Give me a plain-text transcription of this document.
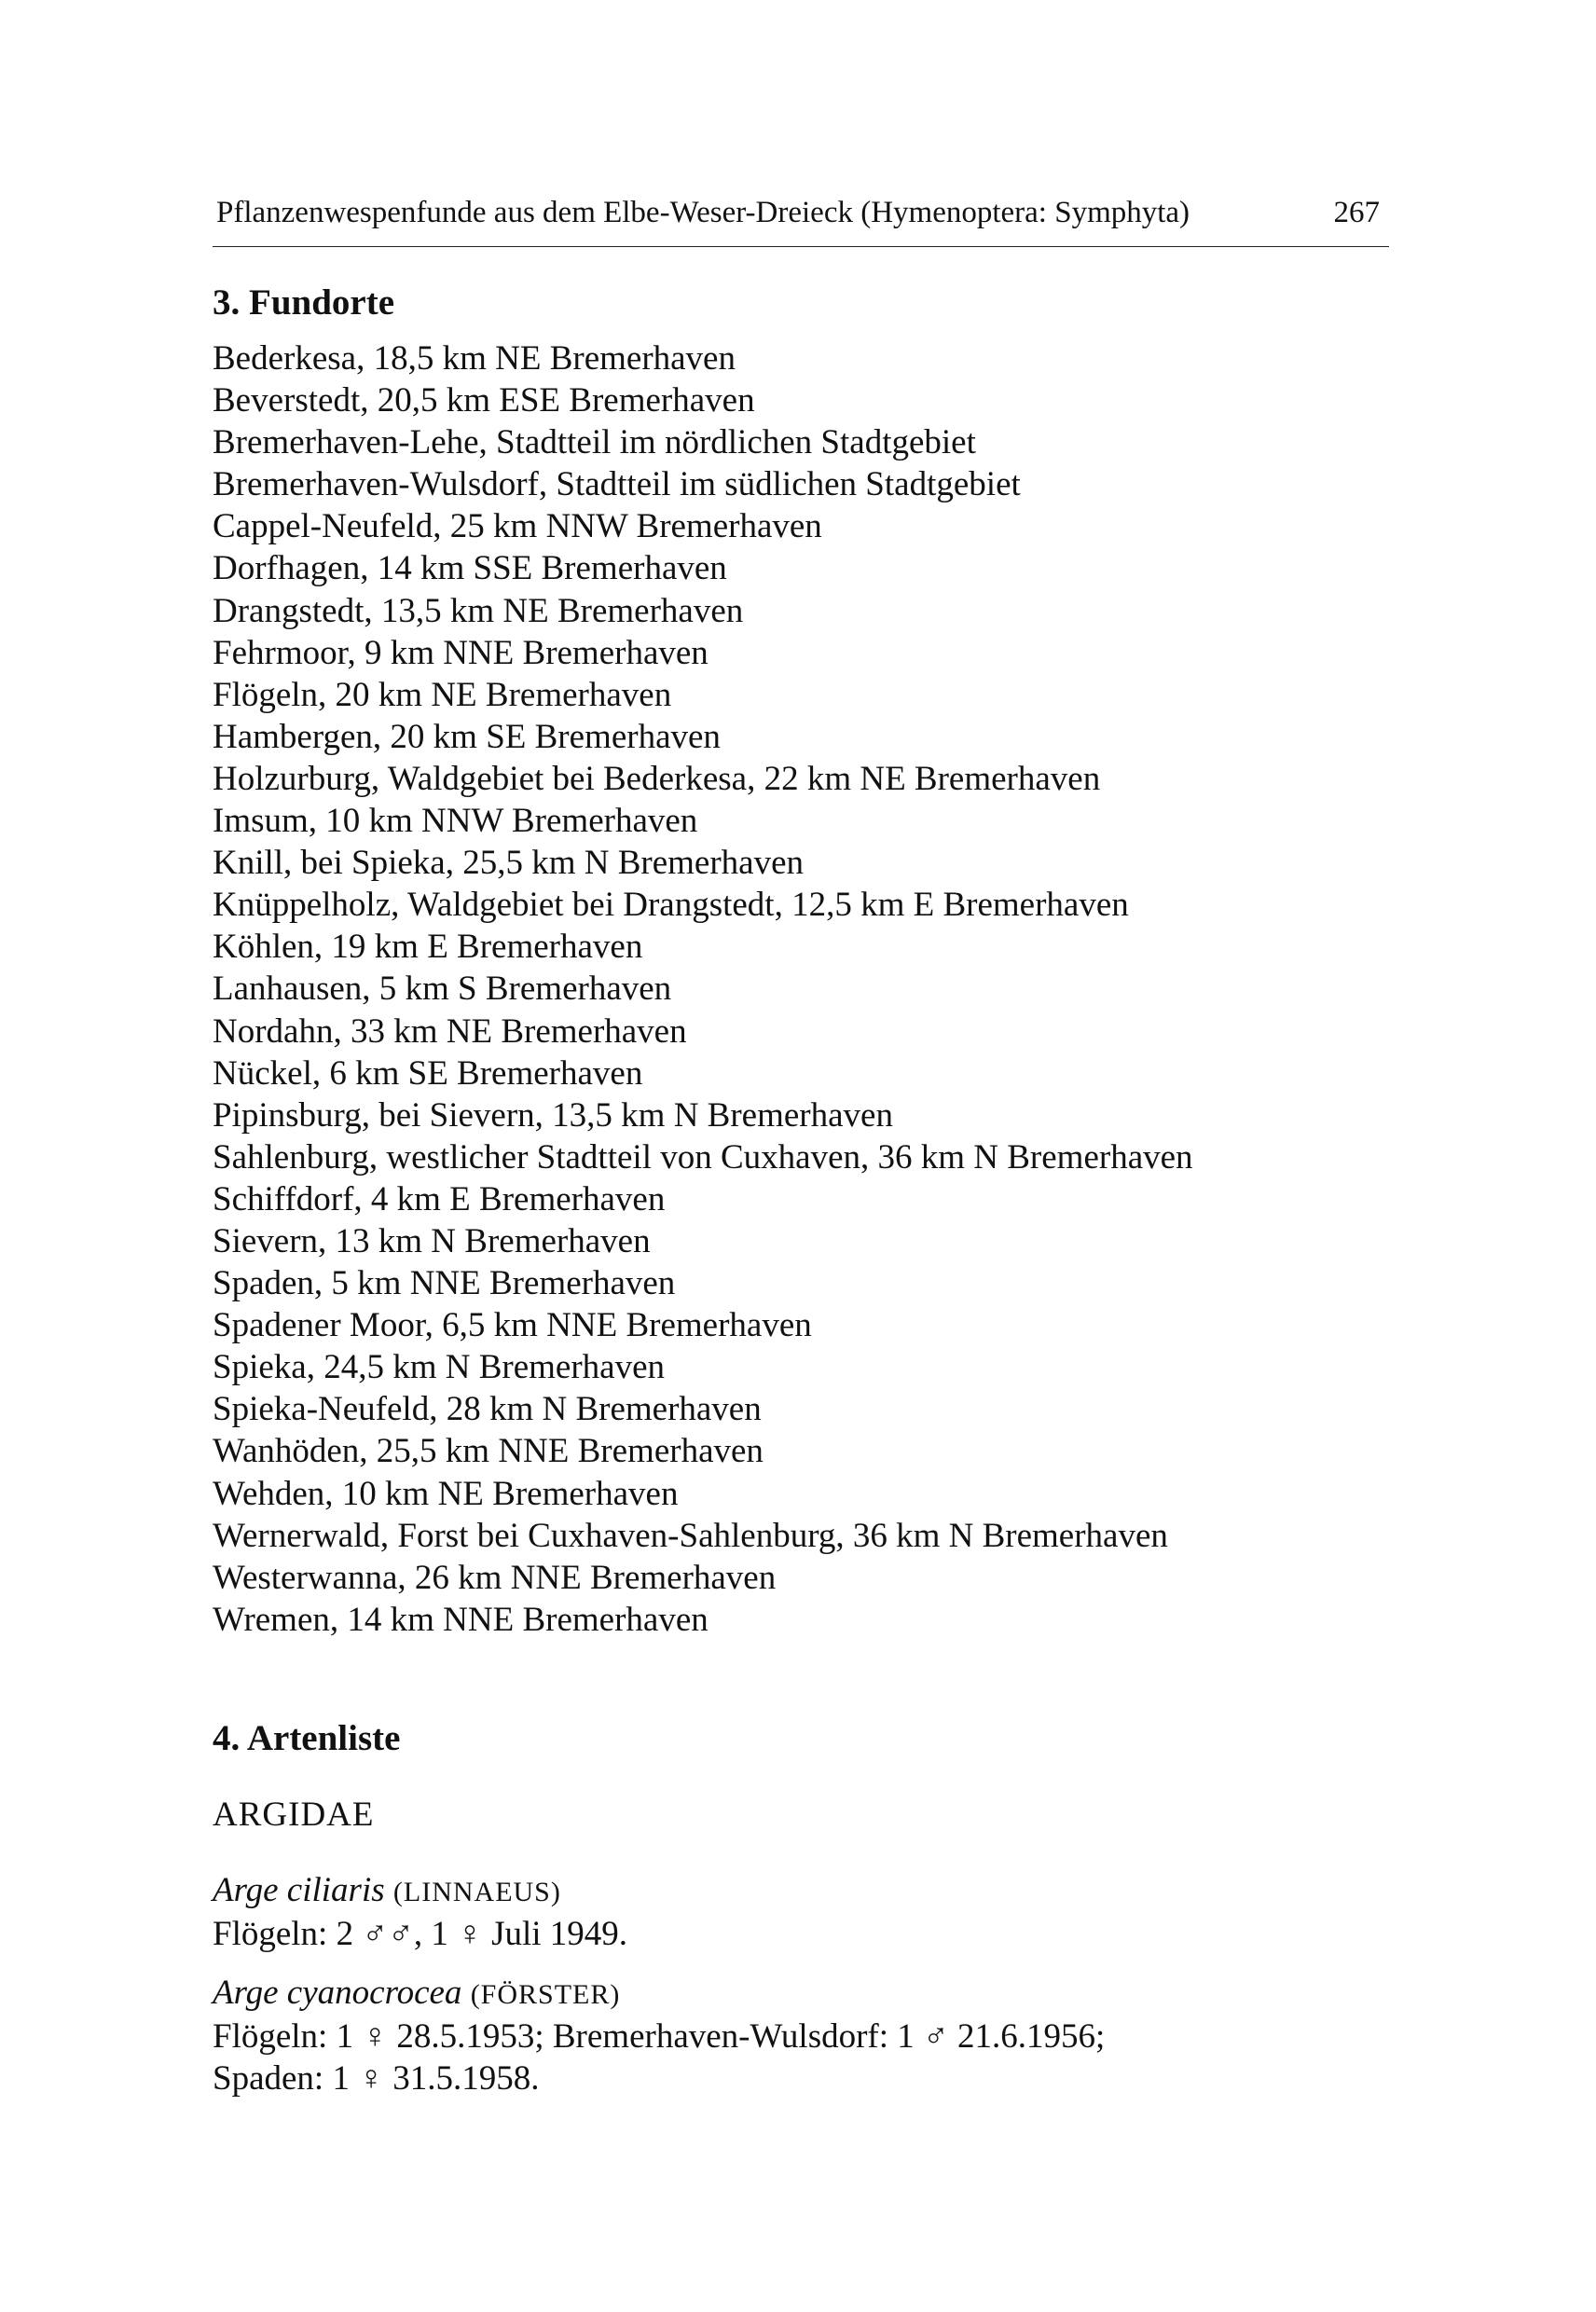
Pflanzenwespenfunde aus dem Elbe-Weser-Dreieck (Hymenoptera: Symphyta)	267
3. Fundorte
Bederkesa, 18,5 km NE Bremerhaven
Beverstedt, 20,5 km ESE Bremerhaven
Bremerhaven-Lehe, Stadtteil im nördlichen Stadtgebiet
Bremerhaven-Wulsdorf, Stadtteil im südlichen Stadtgebiet
Cappel-Neufeld, 25 km NNW Bremerhaven
Dorfhagen, 14 km SSE Bremerhaven
Drangstedt, 13,5 km NE Bremerhaven
Fehrmoor, 9 km NNE Bremerhaven
Flögeln, 20 km NE Bremerhaven
Hambergen, 20 km SE Bremerhaven
Holzurburg, Waldgebiet bei Bederkesa, 22 km NE Bremerhaven
Imsum, 10 km NNW Bremerhaven
Knill, bei Spieka, 25,5 km N Bremerhaven
Knüppelholz, Waldgebiet bei Drangstedt, 12,5 km E Bremerhaven
Köhlen, 19 km E Bremerhaven
Lanhausen, 5 km S Bremerhaven
Nordahn, 33 km NE Bremerhaven
Nückel, 6 km SE Bremerhaven
Pipinsburg, bei Sievern, 13,5 km N Bremerhaven
Sahlenburg, westlicher Stadtteil von Cuxhaven, 36 km N Bremerhaven
Schiffdorf, 4 km E Bremerhaven
Sievern, 13 km N Bremerhaven
Spaden, 5 km NNE Bremerhaven
Spadener Moor, 6,5 km NNE Bremerhaven
Spieka, 24,5 km N Bremerhaven
Spieka-Neufeld, 28 km N Bremerhaven
Wanhöden, 25,5 km NNE Bremerhaven
Wehden, 10 km NE Bremerhaven
Wernerwald, Forst bei Cuxhaven-Sahlenburg, 36 km N Bremerhaven
Westerwanna, 26 km NNE Bremerhaven
Wremen, 14 km NNE Bremerhaven
4. Artenliste
ARGIDAE
Arge ciliaris (LINNAEUS)
Flögeln: 2 ♂♂, 1 ♀ Juli 1949.
Arge cyanocrocea (FÖRSTER)
Flögeln: 1 ♀ 28.5.1953; Bremerhaven-Wulsdorf: 1 ♂ 21.6.1956;
Spaden: 1 ♀ 31.5.1958.
